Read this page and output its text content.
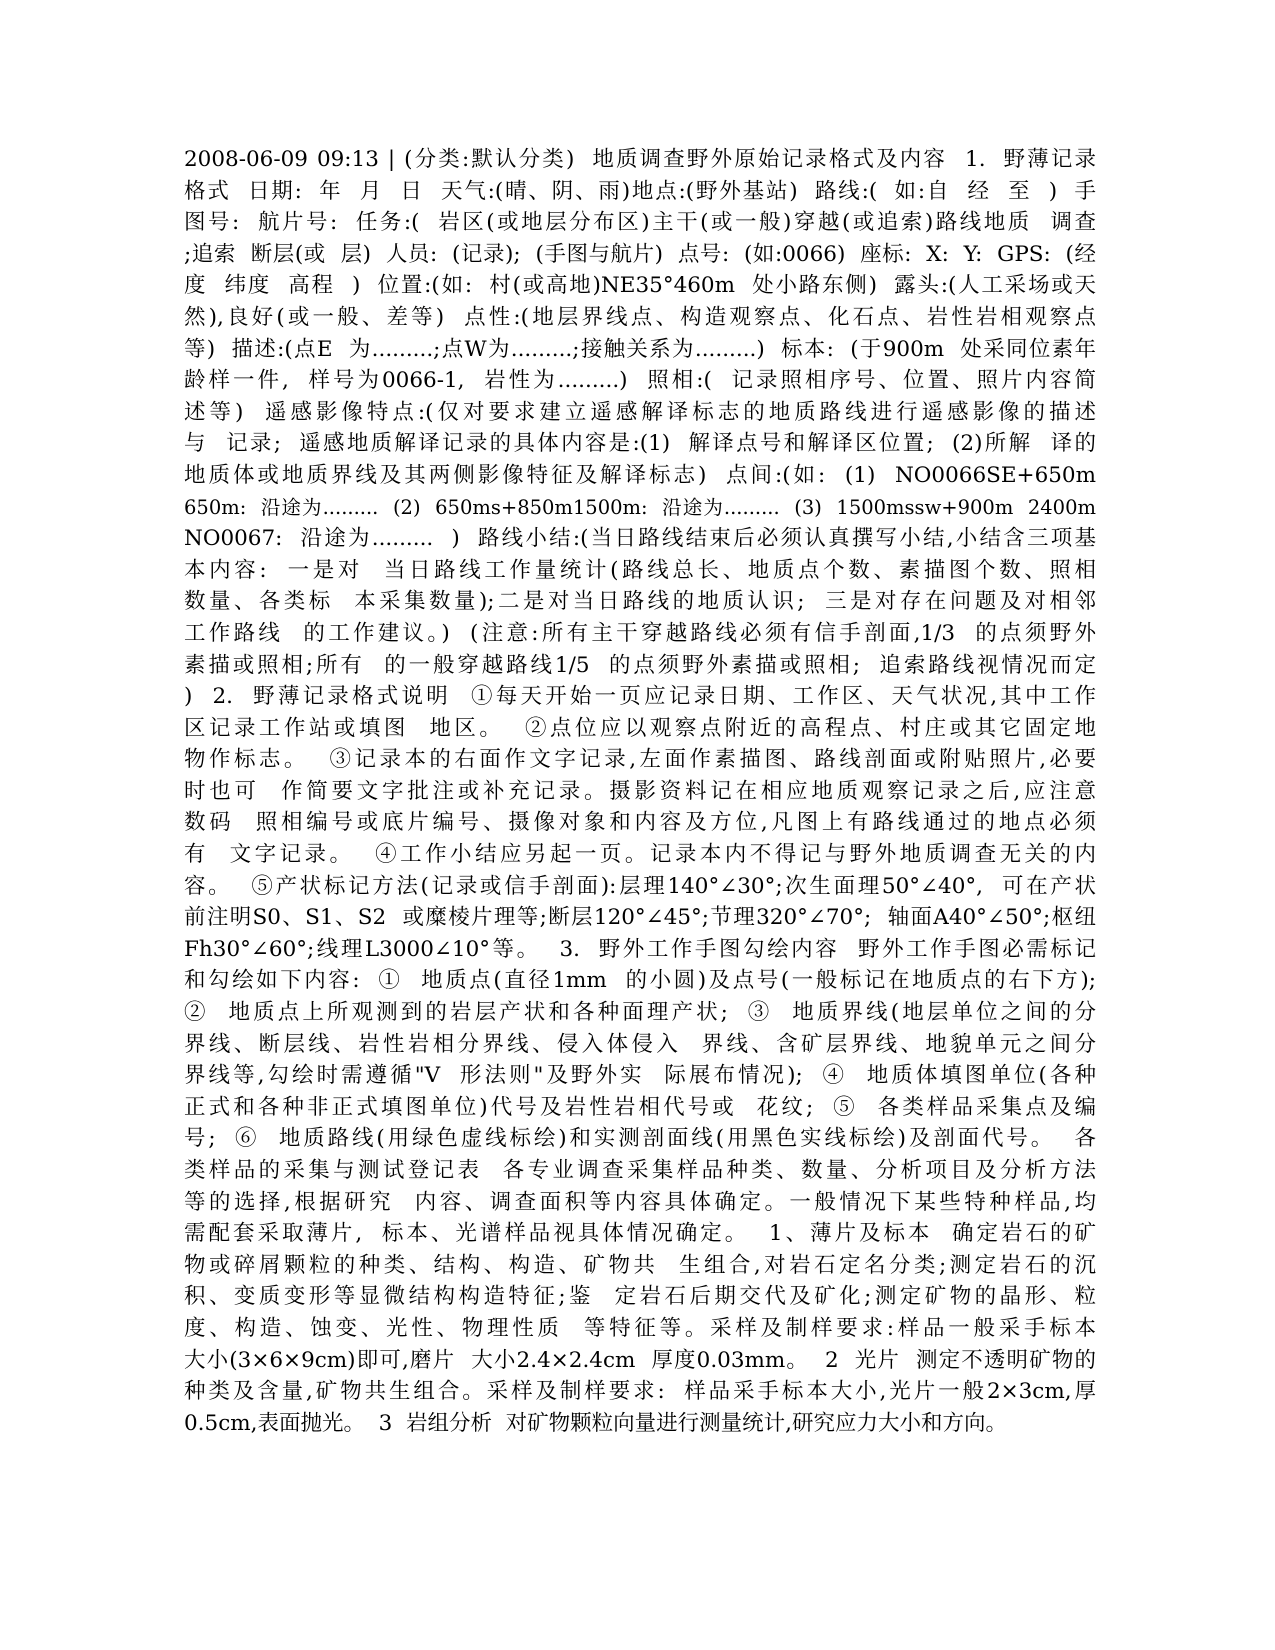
2008-06-09 09:13 | (分类:默认分类)  地质调查野外原始记录格式及内容  1.  野薄记录
格式  日期:  年  月  日  天气:(晴、阴、雨)地点:(野外基站)  路线:(  如:自  经  至  )  手
图号:  航片号:  任务:(  岩区(或地层分布区)主干(或一般)穿越(或追索)路线地质  调查
;追索  断层(或  层)  人员:  (记录);  (手图与航片)  点号:  (如:0066)  座标:  X:  Y:  GPS:  (经
度  纬度  高程  )  位置:(如:  村(或高地)NE35°460m  处小路东侧)  露头:(人工采场或天
然),良好(或一般、差等)  点性:(地层界线点、构造观察点、化石点、岩性岩相观察点
等)  描述:(点E  为.........;点W为.........;接触关系为.........)  标本:  (于900m  处采同位素年
龄样一件,  样号为0066-1,  岩性为.........)  照相:(  记录照相序号、位置、照片内容简
述等)  遥感影像特点:(仅对要求建立遥感解译标志的地质路线进行遥感影像的描述
与  记录;  遥感地质解译记录的具体内容是:(1)  解译点号和解译区位置;  (2)所解  译的
地质体或地质界线及其两侧影像特征及解译标志)  点间:(如:  (1)  NO0066SE+650m
650m:  沿途为.........  (2)  650ms+850m1500m:  沿途为.........  (3)  1500mssw+900m  2400m
NO0067:  沿途为.........  )  路线小结:(当日路线结束后必须认真撰写小结,小结含三项基
本内容:  一是对  当日路线工作量统计(路线总长、地质点个数、素描图个数、照相
数量、各类标  本采集数量);二是对当日路线的地质认识;  三是对存在问题及对相邻
工作路线  的工作建议。)  (注意:所有主干穿越路线必须有信手剖面,1/3  的点须野外
素描或照相;所有  的一般穿越路线1/5  的点须野外素描或照相;  追索路线视情况而定
)  2.  野薄记录格式说明  ①每天开始一页应记录日期、工作区、天气状况,其中工作
区记录工作站或填图  地区。  ②点位应以观察点附近的高程点、村庄或其它固定地
物作标志。  ③记录本的右面作文字记录,左面作素描图、路线剖面或附贴照片,必要
时也可  作简要文字批注或补充记录。摄影资料记在相应地质观察记录之后,应注意
数码  照相编号或底片编号、摄像对象和内容及方位,凡图上有路线通过的地点必须
有  文字记录。  ④工作小结应另起一页。记录本内不得记与野外地质调查无关的内
容。  ⑤产状标记方法(记录或信手剖面):层理140°∠30°;次生面理50°∠40°,  可在产状
前注明S0、S1、S2  或糜棱片理等;断层120°∠45°;节理320°∠70°;  轴面A40°∠50°;枢纽
Fh30°∠60°;线理L3000∠10°等。  3.  野外工作手图勾绘内容  野外工作手图必需标记
和勾绘如下内容:  ①  地质点(直径1mm  的小圆)及点号(一般标记在地质点的右下方);
②  地质点上所观测到的岩层产状和各种面理产状;  ③  地质界线(地层单位之间的分
界线、断层线、岩性岩相分界线、侵入体侵入  界线、含矿层界线、地貌单元之间分
界线等,勾绘时需遵循"V  形法则"及野外实  际展布情况);  ④  地质体填图单位(各种
正式和各种非正式填图单位)代号及岩性岩相代号或  花纹;  ⑤  各类样品采集点及编
号;  ⑥  地质路线(用绿色虚线标绘)和实测剖面线(用黑色实线标绘)及剖面代号。  各
类样品的采集与测试登记表  各专业调查采集样品种类、数量、分析项目及分析方法
等的选择,根据研究  内容、调查面积等内容具体确定。一般情况下某些特种样品,均
需配套采取薄片,  标本、光谱样品视具体情况确定。  1、薄片及标本  确定岩石的矿
物或碎屑颗粒的种类、结构、构造、矿物共  生组合,对岩石定名分类;测定岩石的沉
积、变质变形等显微结构构造特征;鉴  定岩石后期交代及矿化;测定矿物的晶形、粒
度、构造、蚀变、光性、物理性质  等特征等。采样及制样要求:样品一般采手标本
大小(3×6×9cm)即可,磨片  大小2.4×2.4cm  厚度0.03mm。  2  光片  测定不透明矿物的
种类及含量,矿物共生组合。采样及制样要求:  样品采手标本大小,光片一般2×3cm,厚
0.5cm,表面抛光。  3  岩组分析  对矿物颗粒向量进行测量统计,研究应力大小和方向。
